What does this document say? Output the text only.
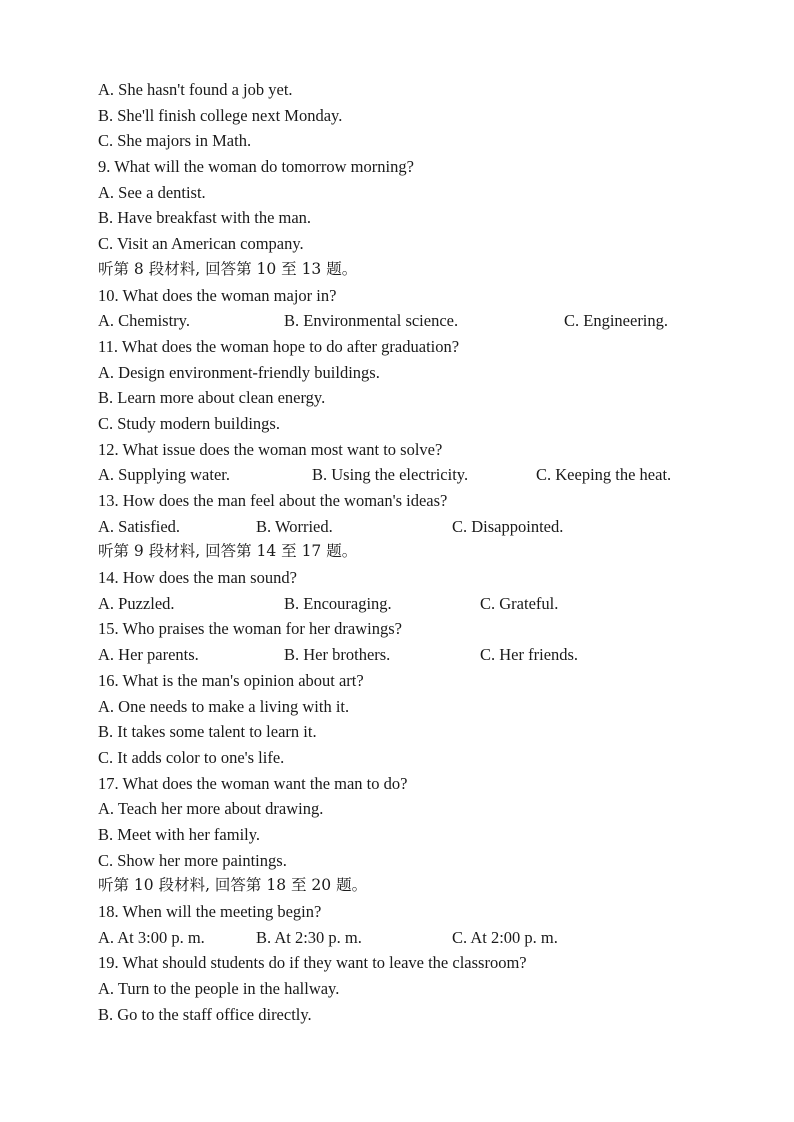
A. She hasn't found a job yet.
B. She'll finish college next Monday.
C. She majors in Math.
9. What will the woman do tomorrow morning?
A. See a dentist.
B. Have breakfast with the man.
C. Visit an American company.
听第 8 段材料, 回答第 10 至 13 题。
10. What does the woman major in?
A. Chemistry.	B. Environmental science.	C. Engineering.
11. What does the woman hope to do after graduation?
A. Design environment-friendly buildings.
B. Learn more about clean energy.
C. Study modern buildings.
12. What issue does the woman most want to solve?
A. Supplying water.	B. Using the electricity.	C. Keeping the heat.
13. How does the man feel about the woman's ideas?
A. Satisfied.	B. Worried.	C. Disappointed.
听第 9 段材料, 回答第 14 至 17 题。
14. How does the man sound?
A. Puzzled.	B. Encouraging.	C. Grateful.
15. Who praises the woman for her drawings?
A. Her parents.	B. Her brothers.	C. Her friends.
16. What is the man's opinion about art?
A. One needs to make a living with it.
B. It takes some talent to learn it.
C. It adds color to one's life.
17. What does the woman want the man to do?
A. Teach her more about drawing.
B. Meet with her family.
C. Show her more paintings.
听第 10 段材料, 回答第 18 至 20 题。
18. When will the meeting begin?
A. At 3:00 p. m.	B. At 2:30 p. m.	C. At 2:00 p. m.
19. What should students do if they want to leave the classroom?
A. Turn to the people in the hallway.
B. Go to the staff office directly.
